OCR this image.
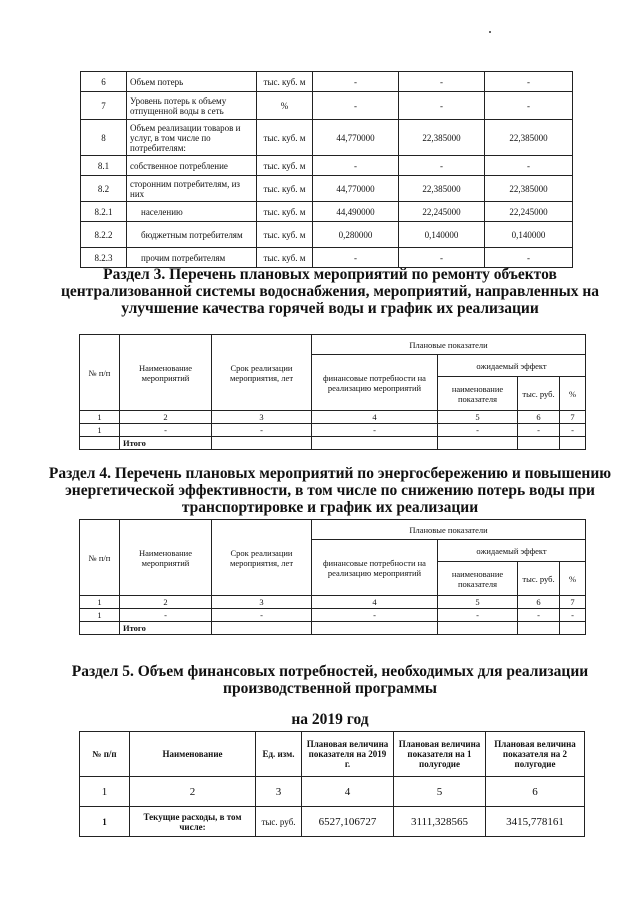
6	Объем потерь	тыс. куб. м	-	-	-
7	Уровень потерь к объему отпущенной воды в сеть	%	-	-	-
8	Объем реализации товаров и услуг, в том числе по потребителям:	тыс. куб. м	44,770000	22,385000	22,385000
8.1	собственное потребление	тыс. куб. м	-	-	-
8.2	сторонним потребителям, из них	тыс. куб. м	44,770000	22,385000	22,385000
8.2.1	населению	тыс. куб. м	44,490000	22,245000	22,245000
8.2.2	бюджетным потребителям	тыс. куб. м	0,280000	0,140000	0,140000
8.2.3	прочим потребителям	тыс. куб. м	-	-	-
Раздел 3. Перечень плановых мероприятий по ремонту объектов централизованной системы водоснабжения, мероприятий, направленных на улучшение качества горячей воды и график их реализации
№ п/п	Наименование мероприятий	Срок реализации мероприятия, лет	Плановые показатели			
			финансовые потребности на реализацию мероприятий	ожидаемый эффект		
				наименование показателя	тыс. руб.	%
1	2	3	4	5	6	7
1	-	-	-	-	-	-
	Итого					
Раздел 4. Перечень плановых мероприятий по энергосбережению и повышению энергетической эффективности, в том числе по снижению потерь воды при транспортировке и график их реализации
№ п/п	Наименование мероприятий	Срок реализации мероприятия, лет	Плановые показатели			
			финансовые потребности на реализацию мероприятий	ожидаемый эффект		
				наименование показателя	тыс. руб.	%
1	2	3	4	5	6	7
1	-	-	-	-	-	-
	Итого					
Раздел 5. Объем финансовых потребностей, необходимых для реализации производственной программы
на 2019 год
№ п/п	Наименование	Ед. изм.	Плановая величина показателя на 2019 г.	Плановая величина показателя на 1 полугодие	Плановая величина показателя на 2 полугодие
1	2	3	4	5	6
1	Текущие расходы, в том числе:	тыс. руб.	6527,106727	3111,328565	3415,778161
